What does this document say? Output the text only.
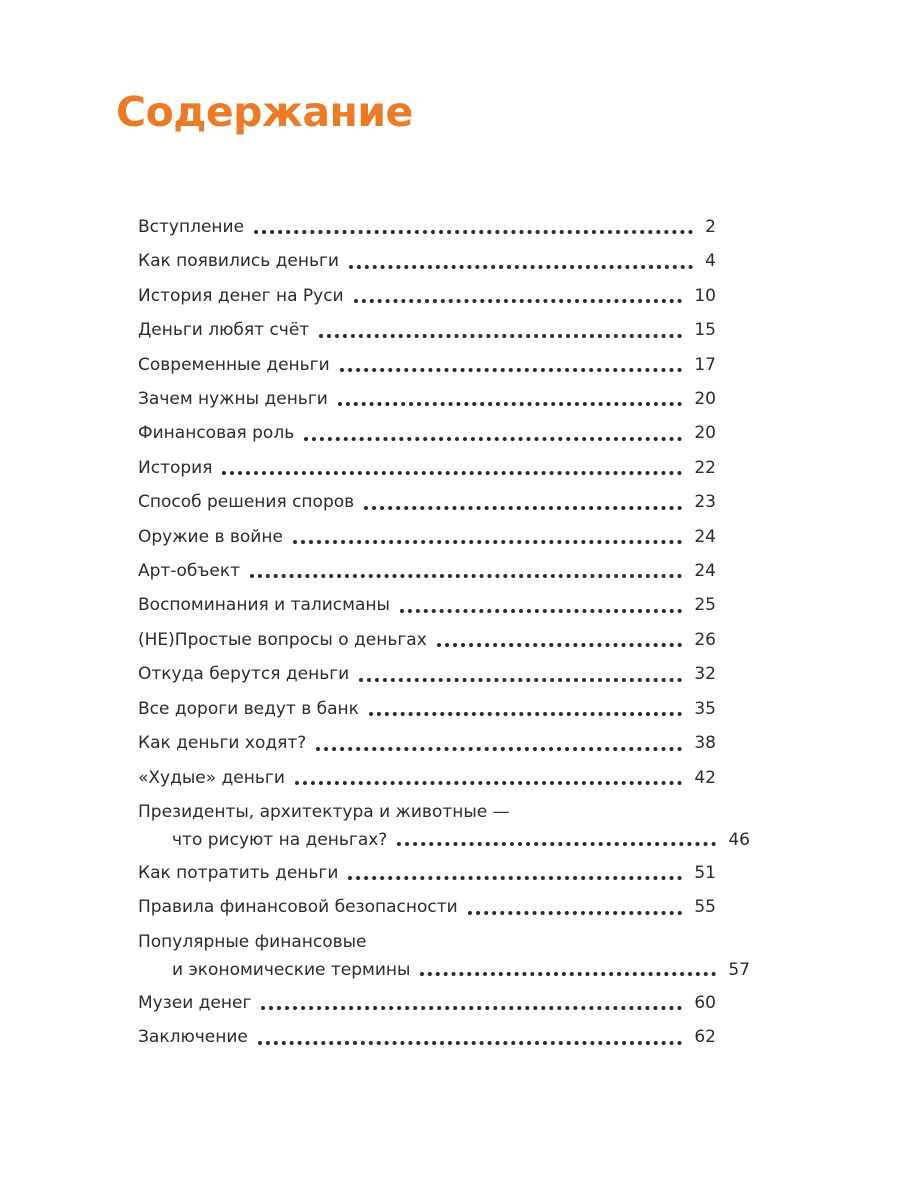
Содержание
Вступление	2
Как появились деньги	4
История денег на Руси	10
Деньги любят счёт	15
Современные деньги	17
Зачем нужны деньги	20
Финансовая роль	20
История	22
Способ решения споров	23
Оружие в войне	24
Арт-объект	24
Воспоминания и талисманы	25
(НЕ)Простые вопросы о деньгах	26
Откуда берутся деньги	32
Все дороги ведут в банк	35
Как деньги ходят?	38
«Худые» деньги	42
Президенты, архитектура и животные —
что рисуют на деньгах?	46
Как потратить деньги	51
Правила финансовой безопасности	55
Популярные финансовые
и экономические термины	57
Музеи денег	60
Заключение	62
